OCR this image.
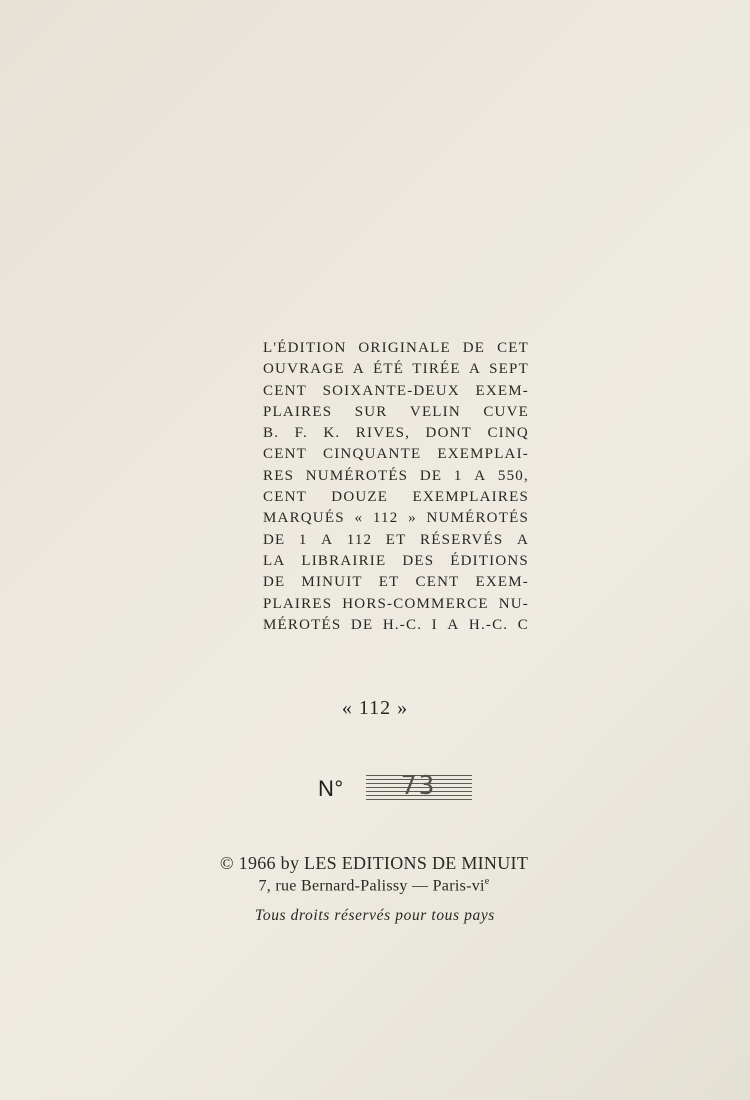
L'ÉDITION ORIGINALE DE CET
OUVRAGE A ÉTÉ TIRÉE A SEPT
CENT SOIXANTE-DEUX EXEM-
PLAIRES SUR VELIN CUVE
B. F. K. RIVES, DONT CINQ
CENT CINQUANTE EXEMPLAI-
RES NUMÉROTÉS DE 1 A 550,
CENT DOUZE EXEMPLAIRES
MARQUÉS « 112 » NUMÉROTÉS
DE 1 A 112 ET RÉSERVÉS A
LA LIBRAIRIE DES ÉDITIONS
DE MINUIT ET CENT EXEM-
PLAIRES HORS-COMMERCE NU-
MÉROTÉS DE H.-C. I A H.-C. C
« 112 »
N°	73
© 1966 by LES EDITIONS DE MINUIT
7, rue Bernard-Palissy — Paris-$vi^e$
Tous droits réservés pour tous pays
